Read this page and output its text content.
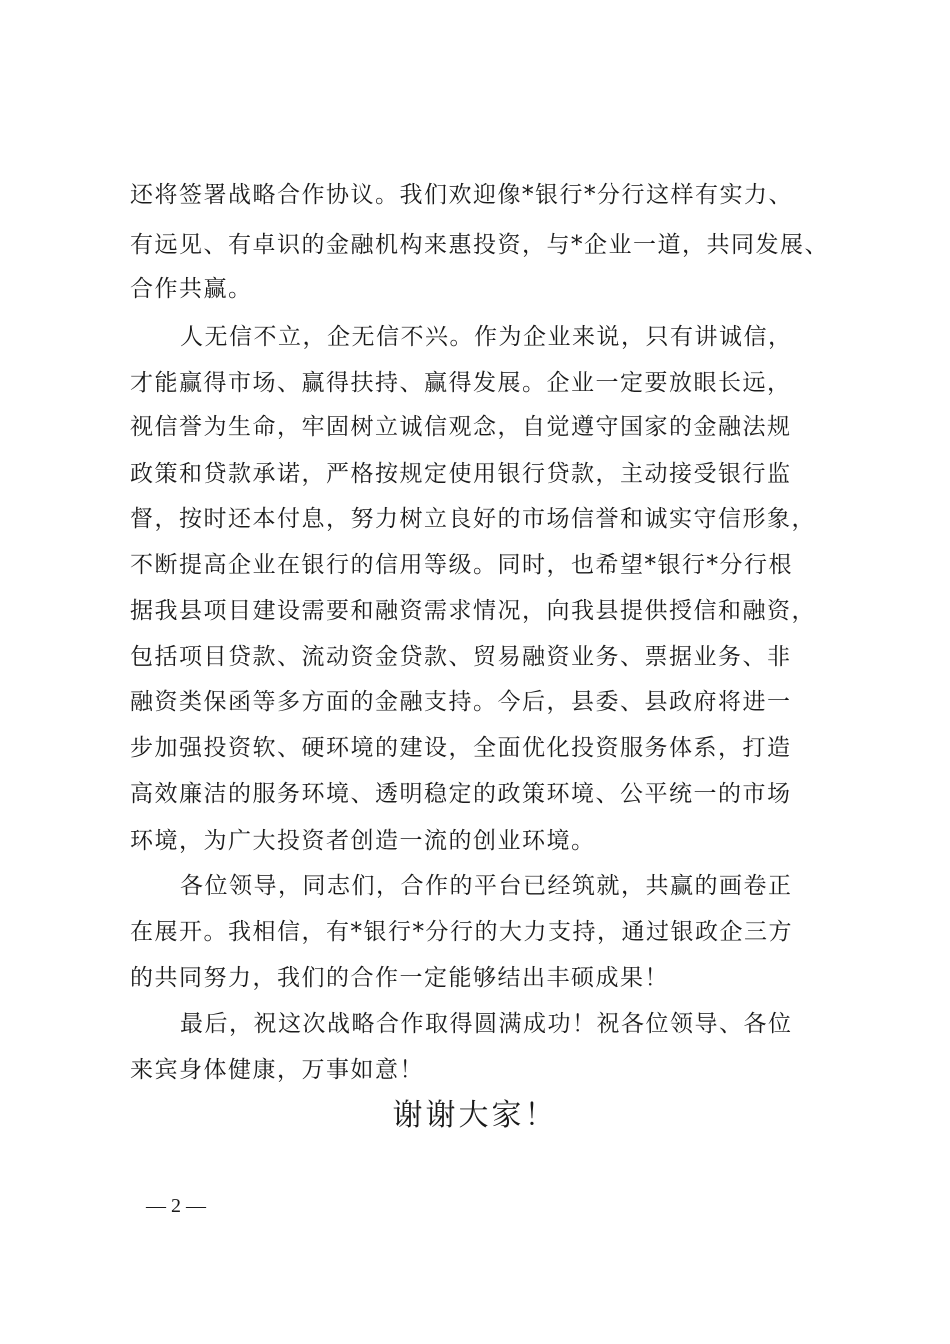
还将签署战略合作协议。我们欢迎像*银行*分行这样有实力、
有远见、有卓识的金融机构来惠投资，与*企业一道，共同发展、
合作共赢。
人无信不立，企无信不兴。作为企业来说，只有讲诚信，
才能赢得市场、赢得扶持、赢得发展。企业一定要放眼长远，
视信誉为生命，牢固树立诚信观念，自觉遵守国家的金融法规
政策和贷款承诺，严格按规定使用银行贷款，主动接受银行监
督，按时还本付息，努力树立良好的市场信誉和诚实守信形象，
不断提高企业在银行的信用等级。同时，也希望*银行*分行根
据我县项目建设需要和融资需求情况，向我县提供授信和融资，
包括项目贷款、流动资金贷款、贸易融资业务、票据业务、非
融资类保函等多方面的金融支持。今后，县委、县政府将进一
步加强投资软、硬环境的建设，全面优化投资服务体系，打造
高效廉洁的服务环境、透明稳定的政策环境、公平统一的市场
环境，为广大投资者创造一流的创业环境。
各位领导，同志们，合作的平台已经筑就，共赢的画卷正
在展开。我相信，有*银行*分行的大力支持，通过银政企三方
的共同努力，我们的合作一定能够结出丰硕成果！
最后，祝这次战略合作取得圆满成功！祝各位领导、各位
来宾身体健康，万事如意！
谢谢大家！
— 2 —
